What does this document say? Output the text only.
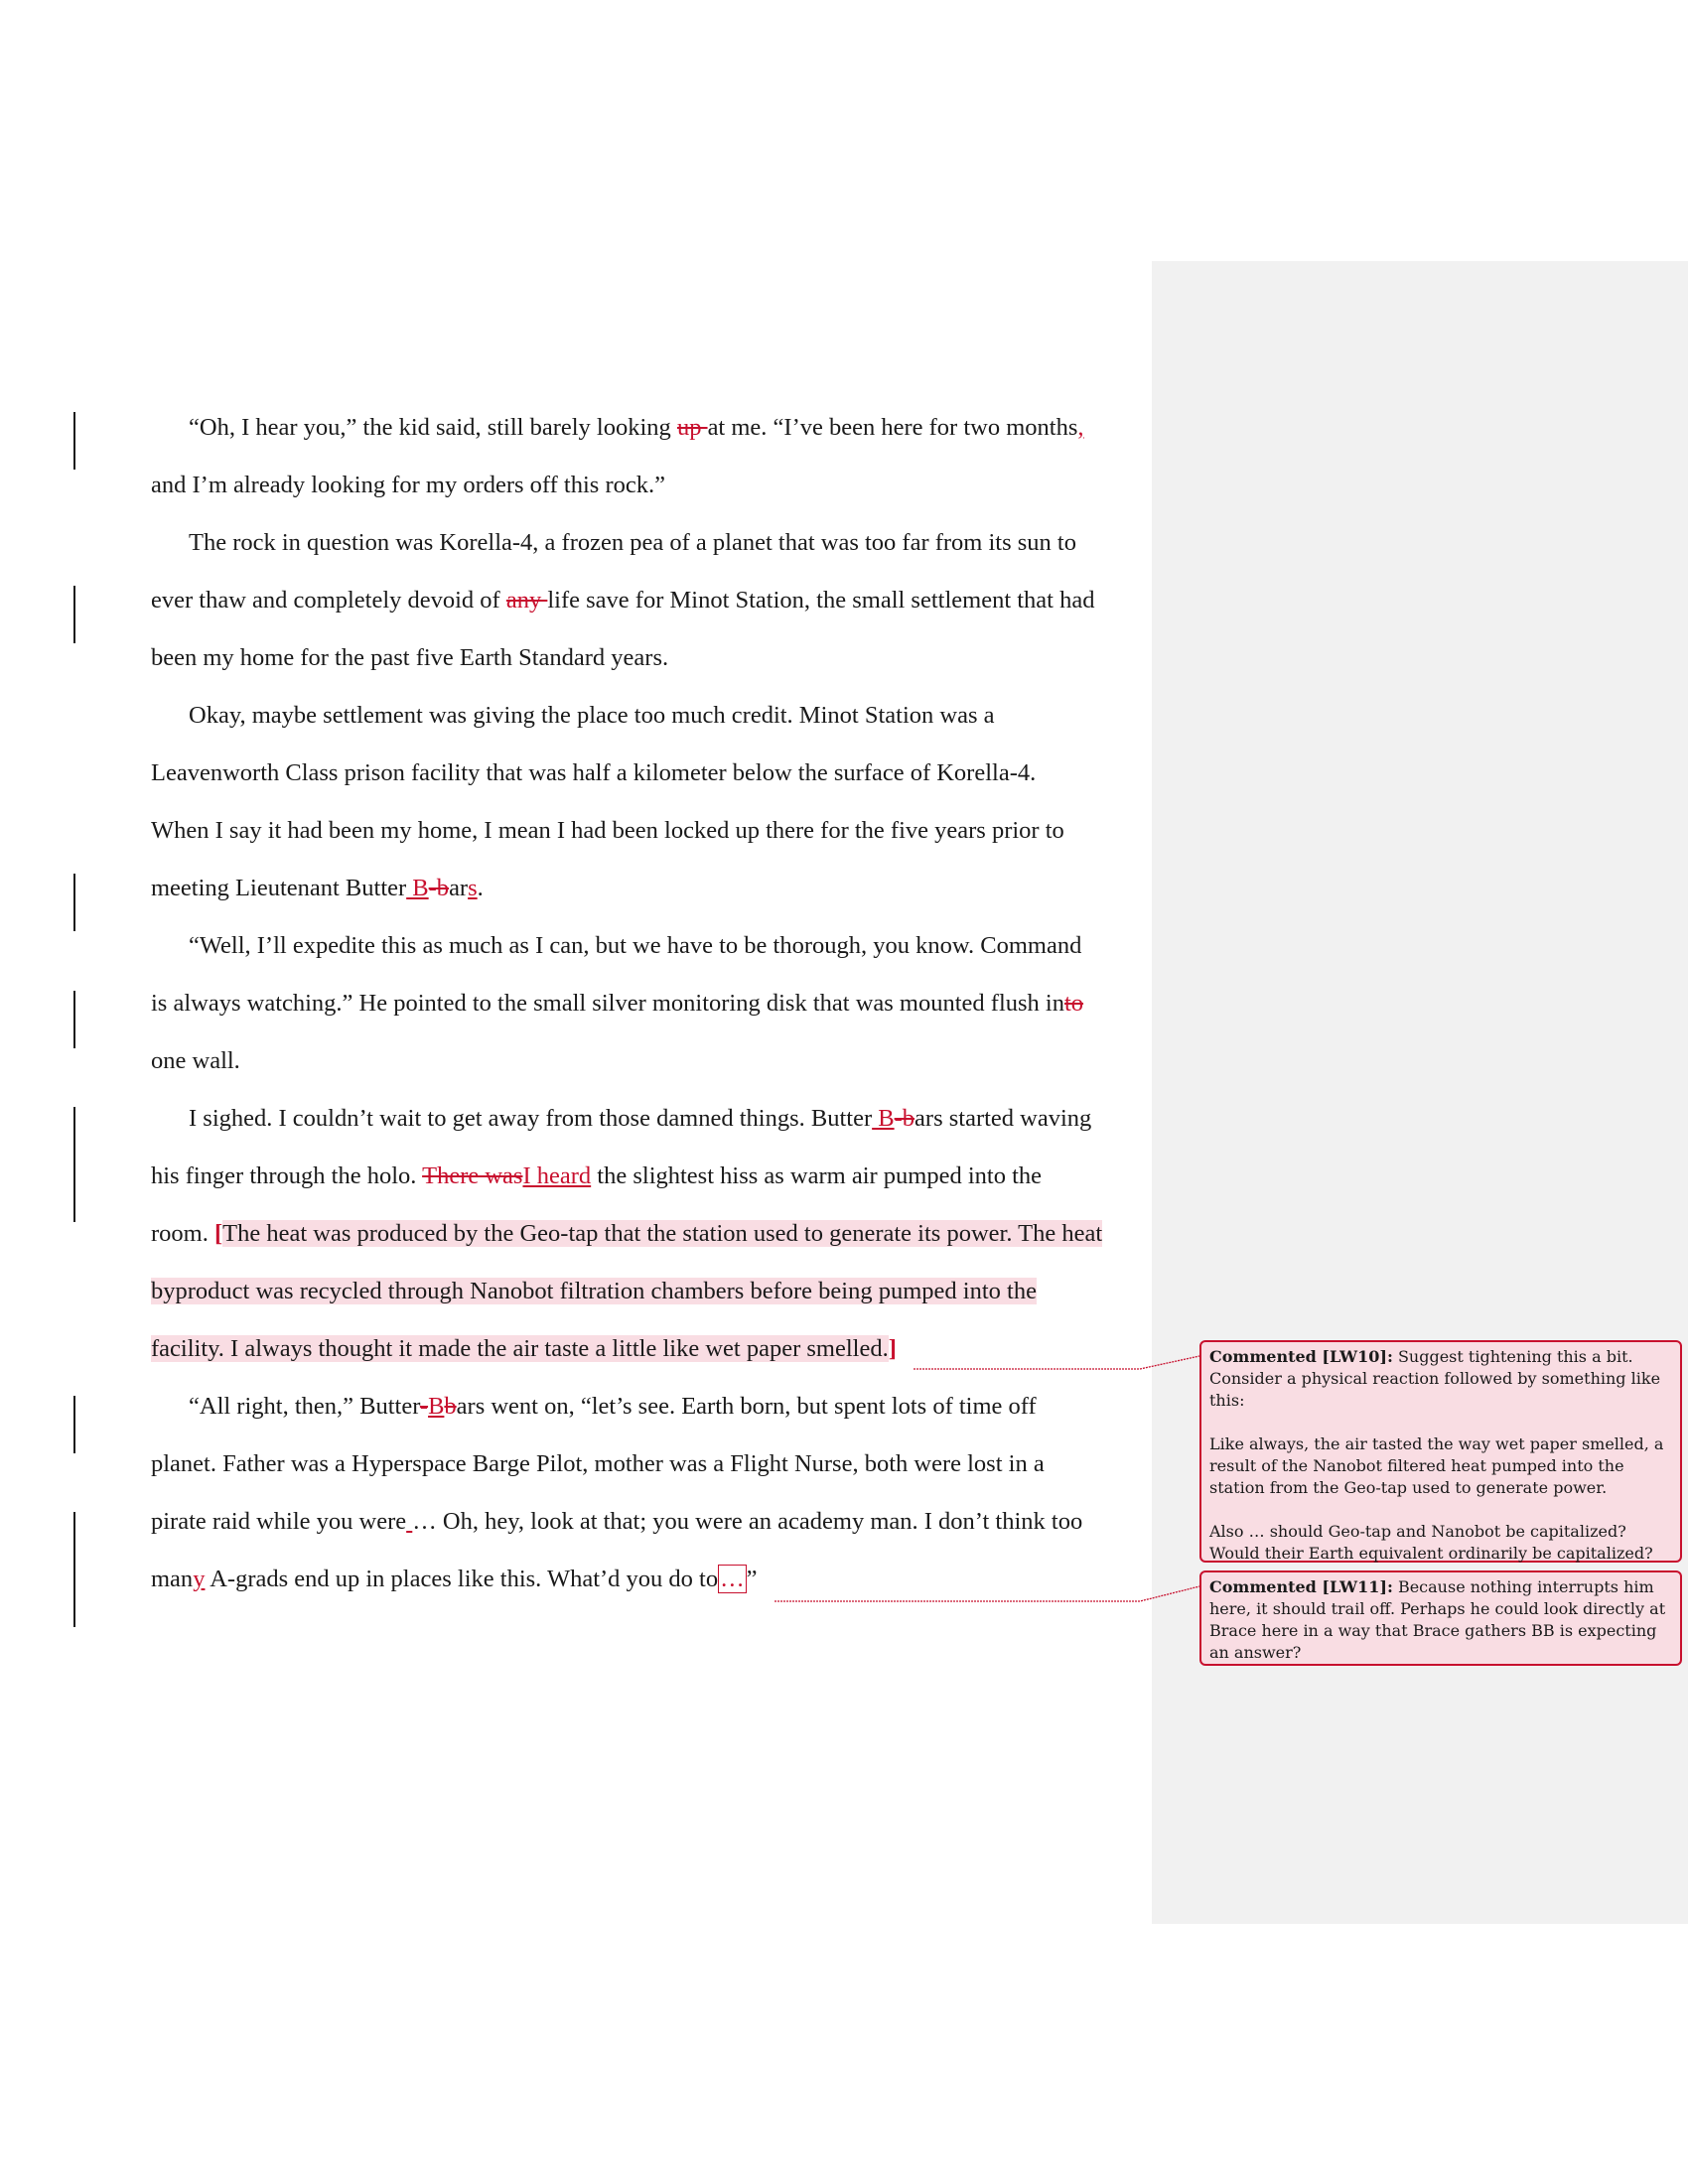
“Oh, I hear you,” the kid said, still barely looking up at me. “I’ve been here for two months,
and I’m already looking for my orders off this rock.”
The rock in question was Korella-4, a frozen pea of a planet that was too far from its sun to
ever thaw and completely devoid of any life save for Minot Station, the small settlement that had
been my home for the past five Earth Standard years.
Okay, maybe settlement was giving the place too much credit. Minot Station was a
Leavenworth Class prison facility that was half a kilometer below the surface of Korella-4.
When I say it had been my home, I mean I had been locked up there for the five years prior to
meeting Lieutenant Butter B-bars.
“Well, I’ll expedite this as much as I can, but we have to be thorough, you know. Command
is always watching.” He pointed to the small silver monitoring disk that was mounted flush into
one wall.
I sighed. I couldn’t wait to get away from those damned things. Butter B-bars started waving
his finger through the holo. There wasI heard the slightest hiss as warm air pumped into the
room. [The heat was produced by the Geo-tap that the station used to generate its power. The heat
byproduct was recycled through Nanobot filtration chambers before being pumped into the
facility. I always thought it made the air taste a little like wet paper smelled.]
“All right, then,” Butter-Bbars went on, “let’s see. Earth born, but spent lots of time off
planet. Father was a Hyperspace Barge Pilot, mother was a Flight Nurse, both were lost in a
pirate raid while you were … Oh, hey, look at that; you were an academy man. I don’t think too
many A-grads end up in places like this. What’d you do to…”

Commented [LW10]: Suggest tightening this a bit. Consider a physical reaction followed by something like this:

Like always, the air tasted the way wet paper smelled, a result of the Nanobot filtered heat pumped into the station from the Geo-tap used to generate power.

Also … should Geo-tap and Nanobot be capitalized? Would their Earth equivalent ordinarily be capitalized?

Commented [LW11]: Because nothing interrupts him here, it should trail off. Perhaps he could look directly at Brace here in a way that Brace gathers BB is expecting an answer?
